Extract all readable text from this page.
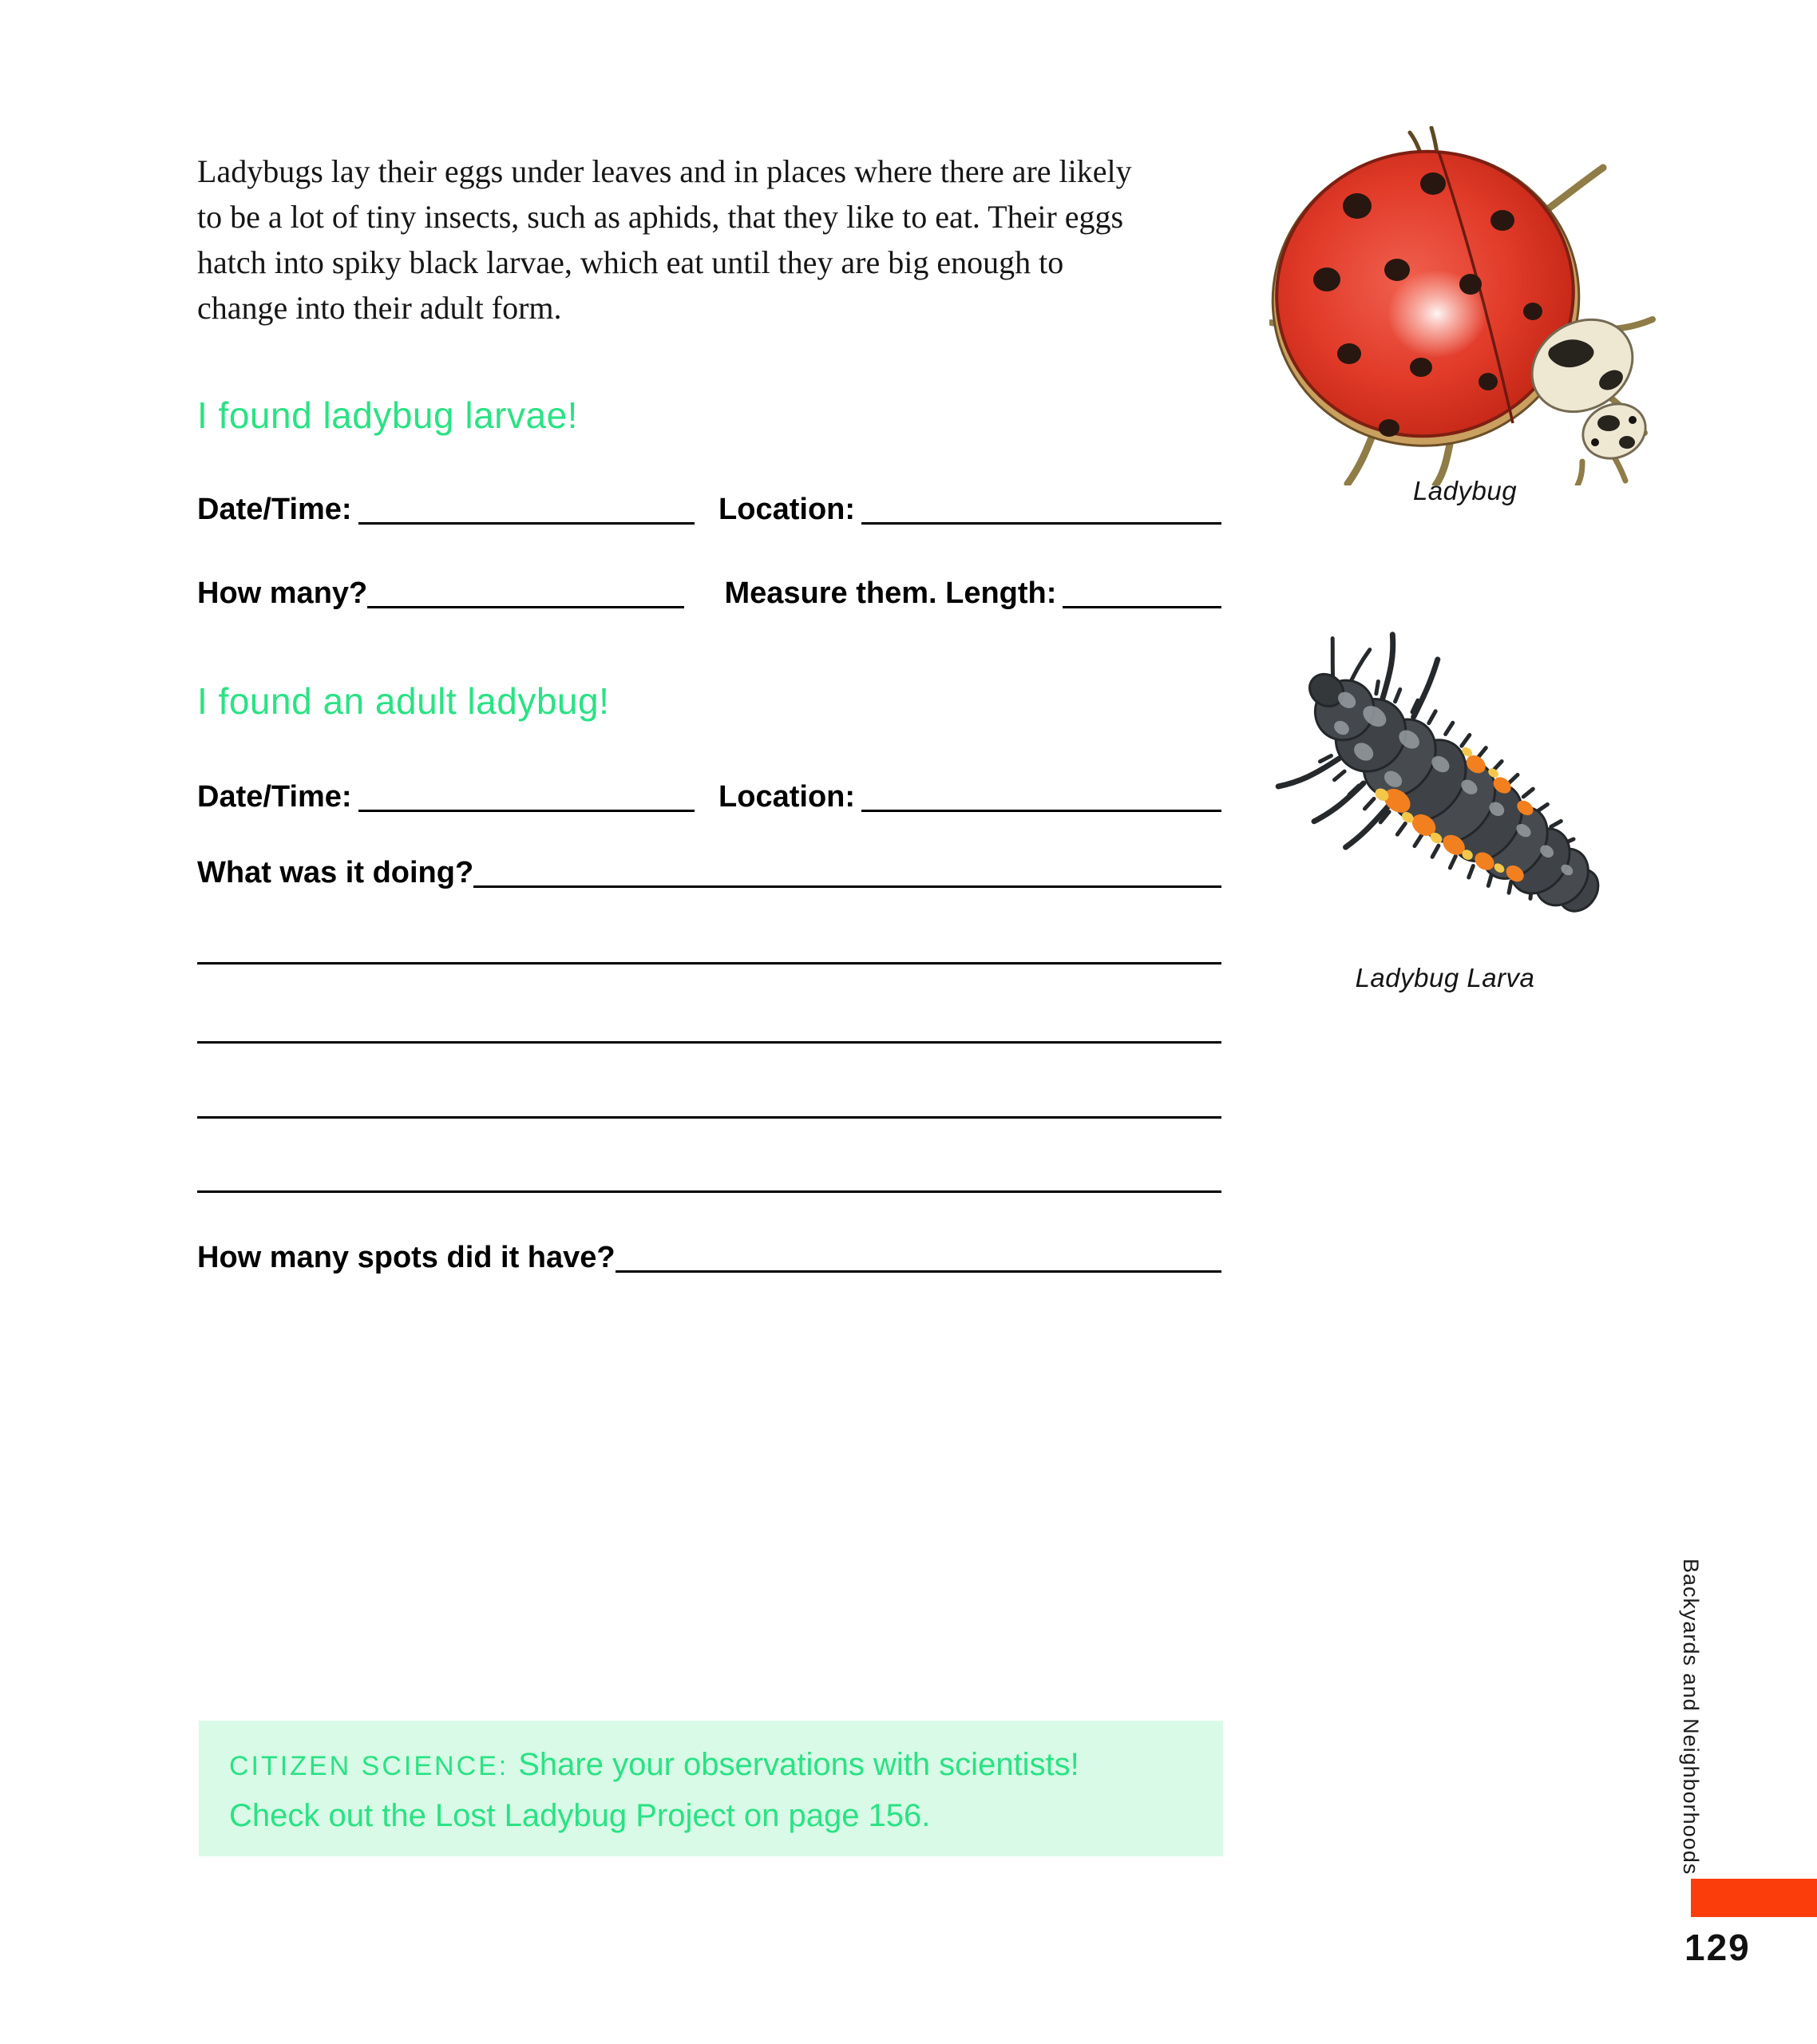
Ladybugs lay their eggs under leaves and in places where there are likely
to be a lot of tiny insects, such as aphids, that they like to eat. Their eggs
hatch into spiky black larvae, which eat until they are big enough to
change into their adult form.
I found ladybug larvae!
Date/Time:	Location:
How many?	Measure them. Length:
I found an adult ladybug!
Date/Time:	Location:
What was it doing?
How many spots did it have?
Ladybug
Ladybug Larva
CITIZEN SCIENCE: Share your observations with scientists!
Check out the Lost Ladybug Project on page 156.	Backyards and Neighborhoods
129
